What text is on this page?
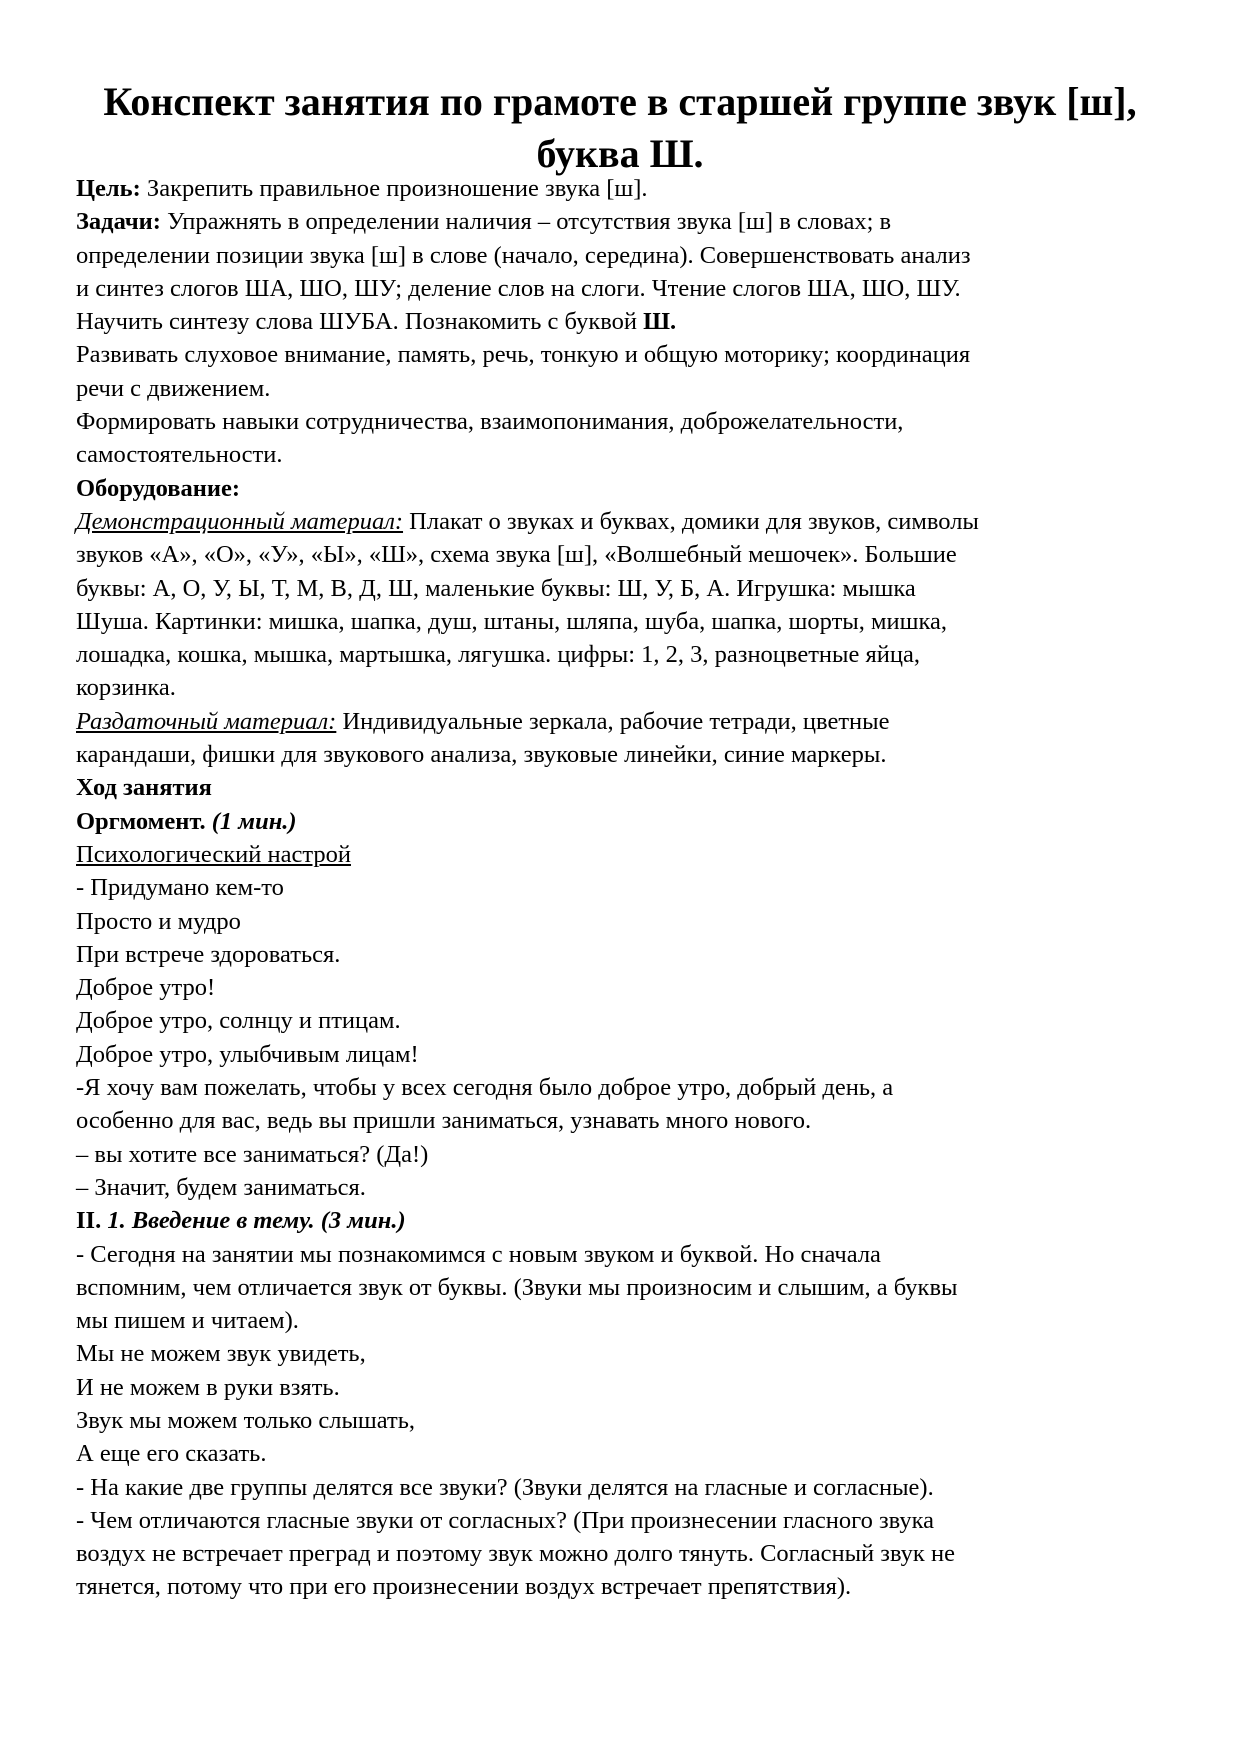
Конспект занятия по грамоте в старшей группе звук [ш],
буква Ш.
Цель: Закрепить правильное произношение звука [ш].
Задачи: Упражнять в определении наличия – отсутствия звука [ш] в словах; в
определении позиции звука [ш] в слове (начало, середина). Совершенствовать анализ
и синтез слогов ША, ШО, ШУ; деление слов на слоги. Чтение слогов ША, ШО, ШУ.
Научить синтезу слова ШУБА. Познакомить с буквой Ш.
Развивать слуховое внимание, память, речь, тонкую и общую моторику; координация
речи с движением.
Формировать навыки сотрудничества, взаимопонимания, доброжелательности,
самостоятельности.
Оборудование:
Демонстрационный материал: Плакат о звуках и буквах, домики для звуков, символы
звуков «А», «О», «У», «Ы», «Ш», схема звука [ш], «Волшебный мешочек». Большие
буквы: А, О, У, Ы, Т, М, В, Д, Ш, маленькие буквы: Ш, У, Б, А. Игрушка: мышка
Шуша. Картинки: мишка, шапка, душ, штаны, шляпа, шуба, шапка, шорты, мишка,
лошадка, кошка, мышка, мартышка, лягушка. цифры: 1, 2, 3, разноцветные яйца,
корзинка.
Раздаточный материал: Индивидуальные зеркала, рабочие тетради, цветные
карандаши, фишки для звукового анализа, звуковые линейки, синие маркеры.
Ход занятия
Оргмомент. (1 мин.)
Психологический настрой
- Придумано кем-то
Просто и мудро
При встрече здороваться.
Доброе утро!
Доброе утро, солнцу и птицам.
Доброе утро, улыбчивым лицам!
-Я хочу вам пожелать, чтобы у всех сегодня было доброе утро, добрый день, а
особенно для вас, ведь вы пришли заниматься, узнавать много нового.
– вы хотите все заниматься? (Да!)
– Значит, будем заниматься.
II. 1. Введение в тему. (3 мин.)
- Сегодня на занятии мы познакомимся с новым звуком и буквой. Но сначала
вспомним, чем отличается звук от буквы. (Звуки мы произносим и слышим, а буквы
мы пишем и читаем).
Мы не можем звук увидеть,
И не можем в руки взять.
Звук мы можем только слышать,
А еще его сказать.
- На какие две группы делятся все звуки? (Звуки делятся на гласные и согласные).
- Чем отличаются гласные звуки от согласных? (При произнесении гласного звука
воздух не встречает преград и поэтому звук можно долго тянуть. Согласный звук не
тянется, потому что при его произнесении воздух встречает препятствия).
